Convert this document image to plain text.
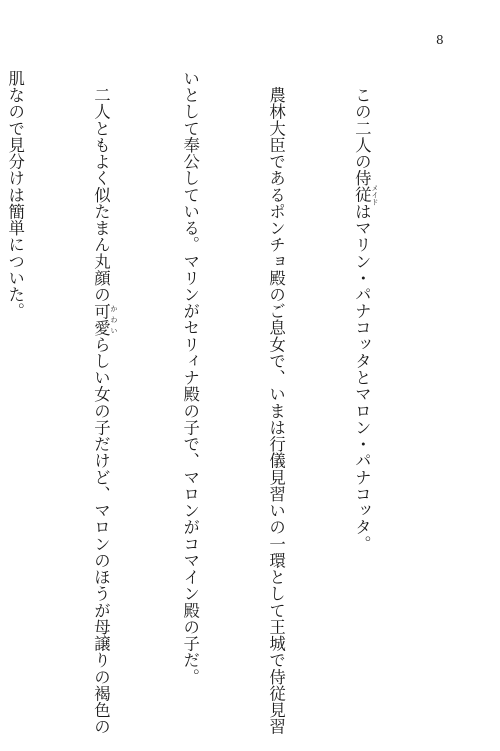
8

　この二人の侍従 メイドはマリン・パナコッタとマロン・パナコッタ。

　農林大臣であるポンチョ殿のご息女で、いまは行儀見習いの一環として王城で侍従見習

いとして奉公している。マリンがセリィナ殿の子で、マロンがコマイン殿の子だ。

　二人ともよく似たまん丸顔の可愛 かわいらしい女の子だけど、マロンのほうが母譲りの褐色の

肌なので見分けは簡単についた。
